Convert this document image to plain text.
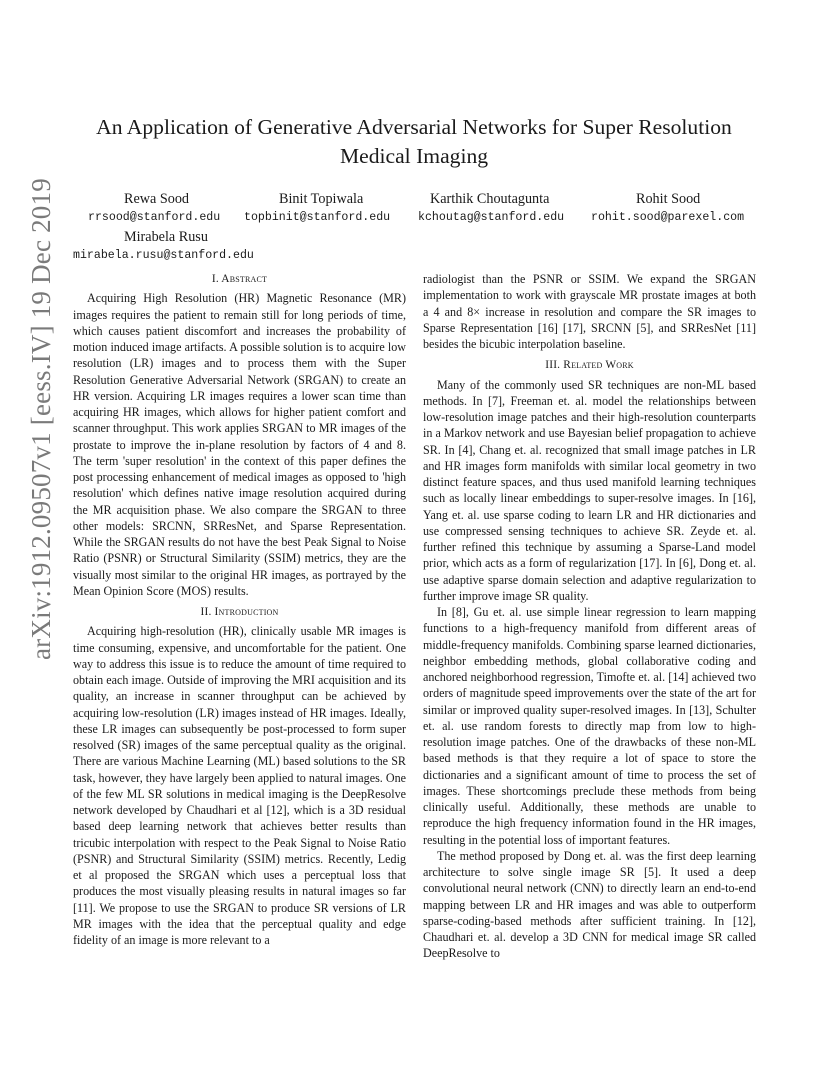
An Application of Generative Adversarial Networks for Super Resolution Medical Imaging
Rewa Sood
rrsood@stanford.edu
Binit Topiwala
topbinit@stanford.edu
Karthik Choutagunta
kchoutag@stanford.edu
Rohit Sood
rohit.sood@parexel.com
Mirabela Rusu
mirabela.rusu@stanford.edu
arXiv:1912.09507v1 [eess.IV] 19 Dec 2019	I. Abstract

Acquiring High Resolution (HR) Magnetic Resonance (MR) images requires the patient to remain still for long periods of time, which causes patient discomfort and increases the probability of motion induced image artifacts. A possible solution is to acquire low resolution (LR) images and to process them with the Super Resolution Generative Adversarial Network (SRGAN) to create an HR version. Acquiring LR images requires a lower scan time than acquiring HR images, which allows for higher patient comfort and scanner throughput. This work applies SRGAN to MR images of the prostate to improve the in-plane resolution by factors of 4 and 8. The term 'super resolution' in the context of this paper defines the post processing enhancement of medical images as opposed to 'high resolution' which defines native image resolution acquired during the MR acquisition phase. We also compare the SRGAN to three other models: SRCNN, SRResNet, and Sparse Representation. While the SRGAN results do not have the best Peak Signal to Noise Ratio (PSNR) or Structural Similarity (SSIM) metrics, they are the visually most similar to the original HR images, as portrayed by the Mean Opinion Score (MOS) results.

II. Introduction

Acquiring high-resolution (HR), clinically usable MR images is time consuming, expensive, and uncomfortable for the patient. One way to address this issue is to reduce the amount of time required to obtain each image. Outside of improving the MRI acquisition and its quality, an increase in scanner throughput can be achieved by acquiring low-resolution (LR) images instead of HR images. Ideally, these LR images can subsequently be post-processed to form super resolved (SR) images of the same perceptual quality as the original. There are various Machine Learning (ML) based solutions to the SR task, however, they have largely been applied to natural images. One of the few ML SR solutions in medical imaging is the DeepResolve network developed by Chaudhari et al [12], which is a 3D residual based deep learning network that achieves better results than tricubic interpolation with respect to the Peak Signal to Noise Ratio (PSNR) and Structural Similarity (SSIM) metrics. Recently, Ledig et al proposed the SRGAN which uses a perceptual loss that produces the most visually pleasing results in natural images so far [11]. We propose to use the SRGAN to produce SR versions of LR MR images with the idea that the perceptual quality and edge fidelity of an image is more relevant to a

radiologist than the PSNR or SSIM. We expand the SRGAN implementation to work with grayscale MR prostate images at both a 4 and 8× increase in resolution and compare the SR images to Sparse Representation [16] [17], SRCNN [5], and SRResNet [11] besides the bicubic interpolation baseline.

III. Related Work

Many of the commonly used SR techniques are non-ML based methods. In [7], Freeman et. al. model the relationships between low-resolution image patches and their high-resolution counterparts in a Markov network and use Bayesian belief propagation to achieve SR. In [4], Chang et. al. recognized that small image patches in LR and HR images form manifolds with similar local geometry in two distinct feature spaces, and thus used manifold learning techniques such as locally linear embeddings to super-resolve images. In [16], Yang et. al. use sparse coding to learn LR and HR dictionaries and use compressed sensing techniques to achieve SR. Zeyde et. al. further refined this technique by assuming a Sparse-Land model prior, which acts as a form of regularization [17]. In [6], Dong et. al. use adaptive sparse domain selection and adaptive regularization to further improve image SR quality.

In [8], Gu et. al. use simple linear regression to learn mapping functions to a high-frequency manifold from different areas of middle-frequency manifolds. Combining sparse learned dictionaries, neighbor embedding methods, global collaborative coding and anchored neighborhood regression, Timofte et. al. [14] achieved two orders of magnitude speed improvements over the state of the art for similar or improved quality super-resolved images. In [13], Schulter et. al. use random forests to directly map from low to high-resolution image patches. One of the drawbacks of these non-ML based methods is that they require a lot of space to store the dictionaries and a significant amount of time to process the set of images. These shortcomings preclude these methods from being clinically useful. Additionally, these methods are unable to reproduce the high frequency information found in the HR images, resulting in the potential loss of important features.

The method proposed by Dong et. al. was the first deep learning architecture to solve single image SR [5]. It used a deep convolutional neural network (CNN) to directly learn an end-to-end mapping between LR and HR images and was able to outperform sparse-coding-based methods after sufficient training. In [12], Chaudhari et. al. develop a 3D CNN for medical image SR called DeepResolve to
